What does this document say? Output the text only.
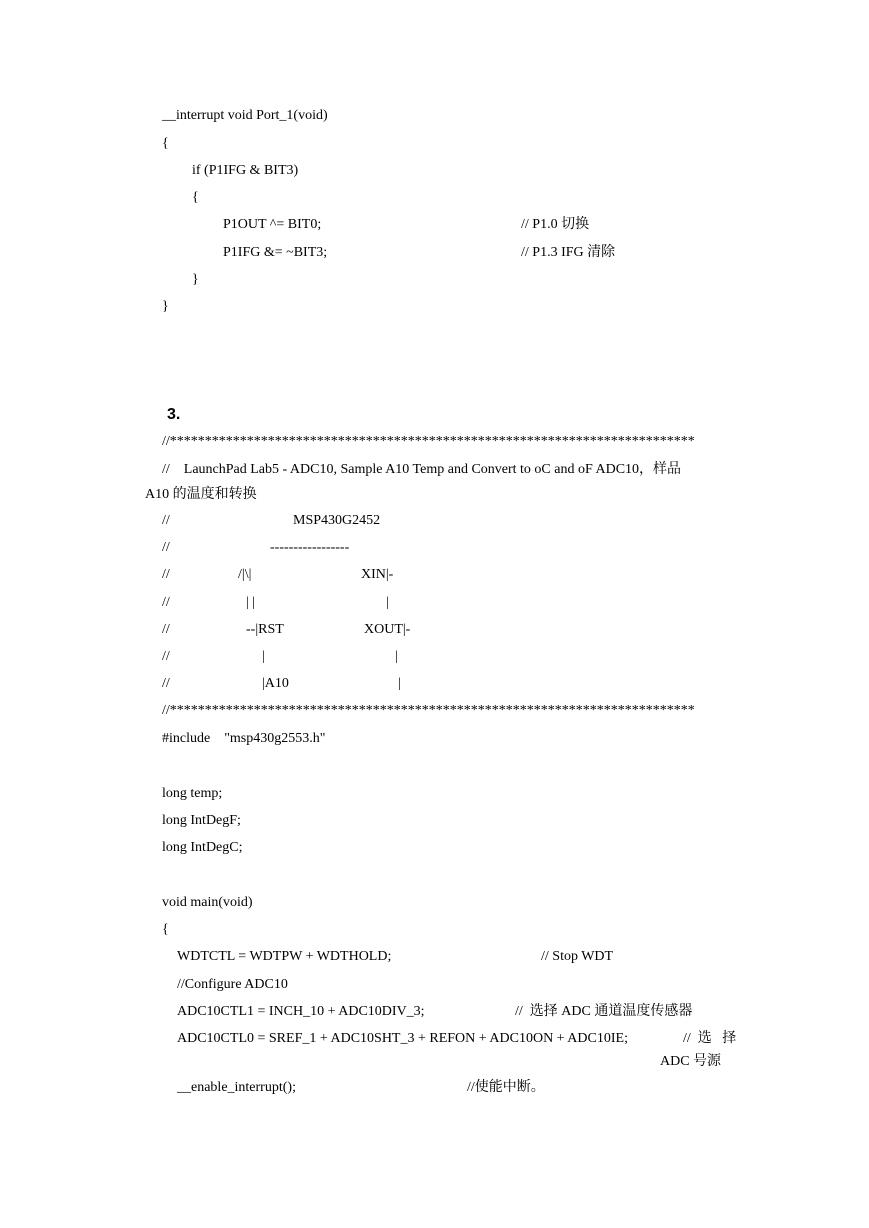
__interrupt void Port_1(void)

{

if (P1IFG & BIT3)

{

P1OUT ^= BIT0;

	// P1.0 切换

P1IFG &= ~BIT3;

	// P1.3 IFG 清除

}

}

3.

//***************************************************************************

//    LaunchPad Lab5 - ADC10, Sample A10 Temp and Convert to oC and oF ADC10，样品

A10 的温度和转换

//

	MSP430G2452

//

	-----------------

//

	/|\|

	XIN|-

//

	| |

	|

//

	--|RST

	XOUT|-

//

	|

	|

//

	|A10

	|

//***************************************************************************

#include    "msp430g2553.h"

long temp;

long IntDegF;

long IntDegC;

void main(void)

{

WDTCTL = WDTPW + WDTHOLD;

	// Stop WDT

//Configure ADC10

ADC10CTL1 = INCH_10 + ADC10DIV_3;

	//  选择 ADC 通道温度传感器

ADC10CTL0 = SREF_1 + ADC10SHT_3 + REFON + ADC10ON + ADC10IE;

	//  选   择

ADC 号源

__enable_interrupt();

	//使能中断。
